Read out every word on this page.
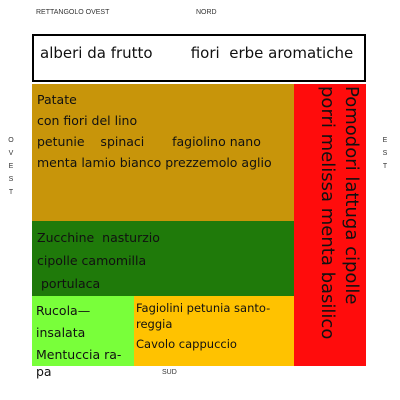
RETTANGOLO OVEST	NORD
SUD
O
V
E
S
T
E
S
T
alberi da frutto        fiori  erbe aromatiche
Patate
con fiori del lino
petunie    spinaci       fagiolino nano
menta lamio bianco prezzemolo aglio
Zucchine  nasturzio
cipolle camomilla
portulaca
Rucola—insalata
Mentuccia ra-
pa
Fagiolini petunia santo-
reggia
Cavolo cappuccio
Pomodori lattuga cipolle
porri melissa menta basilico
